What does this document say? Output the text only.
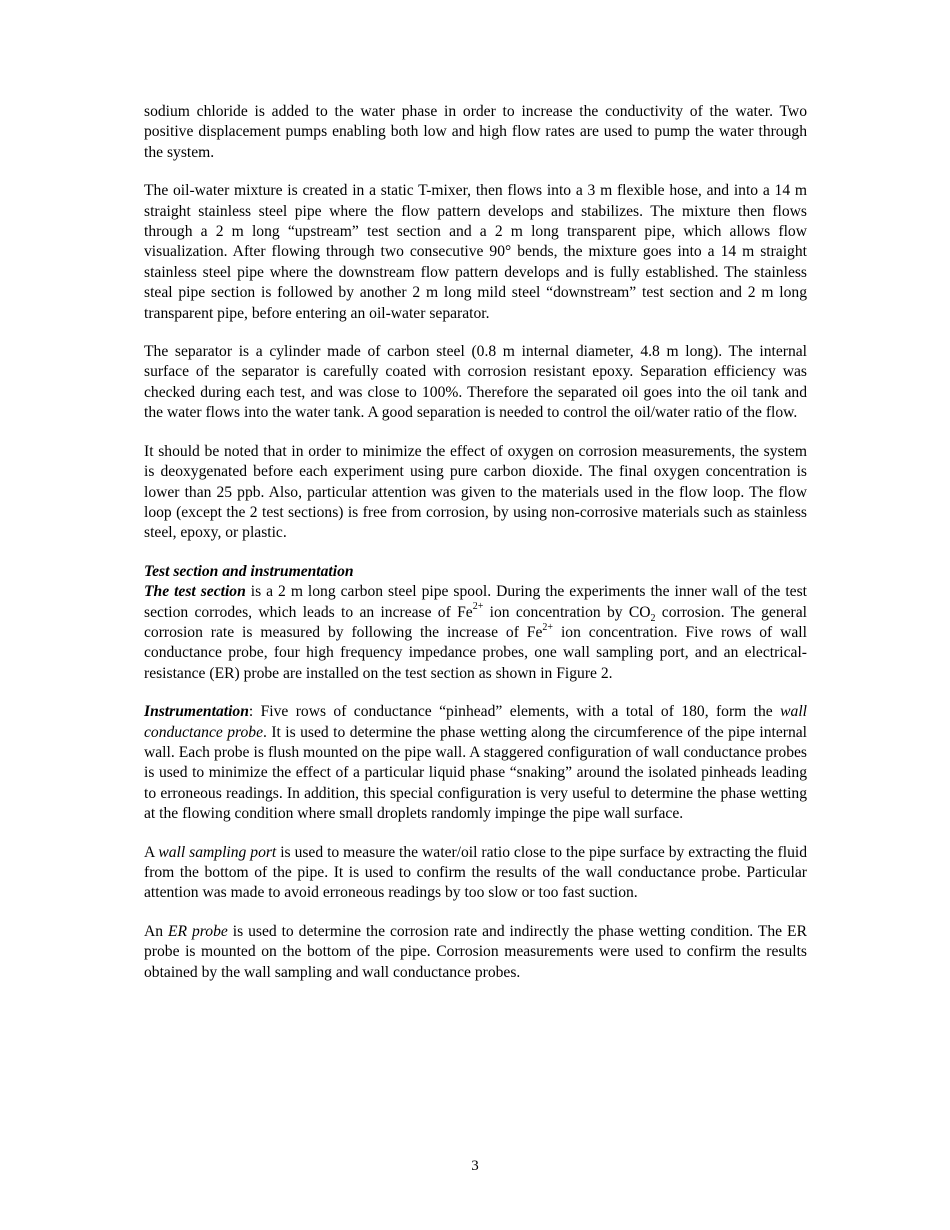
sodium chloride is added to the water phase in order to increase the conductivity of the water. Two positive displacement pumps enabling both low and high flow rates are used to pump the water through the system.

The oil-water mixture is created in a static T-mixer, then flows into a 3 m flexible hose, and into a 14 m straight stainless steel pipe where the flow pattern develops and stabilizes. The mixture then flows through a 2 m long “upstream” test section and a 2 m long transparent pipe, which allows flow visualization. After flowing through two consecutive 90° bends, the mixture goes into a 14 m straight stainless steel pipe where the downstream flow pattern develops and is fully established. The stainless steal pipe section is followed by another 2 m long mild steel “downstream” test section and 2 m long transparent pipe, before entering an oil-water separator.

The separator is a cylinder made of carbon steel (0.8 m internal diameter, 4.8 m long). The internal surface of the separator is carefully coated with corrosion resistant epoxy. Separation efficiency was checked during each test, and was close to 100%. Therefore the separated oil goes into the oil tank and the water flows into the water tank. A good separation is needed to control the oil/water ratio of the flow.

It should be noted that in order to minimize the effect of oxygen on corrosion measurements, the system is deoxygenated before each experiment using pure carbon dioxide. The final oxygen concentration is lower than 25 ppb. Also, particular attention was given to the materials used in the flow loop. The flow loop (except the 2 test sections) is free from corrosion, by using non-corrosive materials such as stainless steel, epoxy, or plastic.

Test section and instrumentation

The test section is a 2 m long carbon steel pipe spool. During the experiments the inner wall of the test section corrodes, which leads to an increase of $Fe^{2+}$ ion concentration by $CO_2$ corrosion. The general corrosion rate is measured by following the increase of $Fe^{2+}$ ion concentration. Five rows of wall conductance probe, four high frequency impedance probes, one wall sampling port, and an electrical-resistance (ER) probe are installed on the test section as shown in Figure 2.

Instrumentation: Five rows of conductance “pinhead” elements, with a total of 180, form the wall conductance probe. It is used to determine the phase wetting along the circumference of the pipe internal wall. Each probe is flush mounted on the pipe wall. A staggered configuration of wall conductance probes is used to minimize the effect of a particular liquid phase “snaking” around the isolated pinheads leading to erroneous readings. In addition, this special configuration is very useful to determine the phase wetting at the flowing condition where small droplets randomly impinge the pipe wall surface.

A wall sampling port is used to measure the water/oil ratio close to the pipe surface by extracting the fluid from the bottom of the pipe. It is used to confirm the results of the wall conductance probe. Particular attention was made to avoid erroneous readings by too slow or too fast suction.

An ER probe is used to determine the corrosion rate and indirectly the phase wetting condition. The ER probe is mounted on the bottom of the pipe. Corrosion measurements were used to confirm the results obtained by the wall sampling and wall conductance probes.

3
